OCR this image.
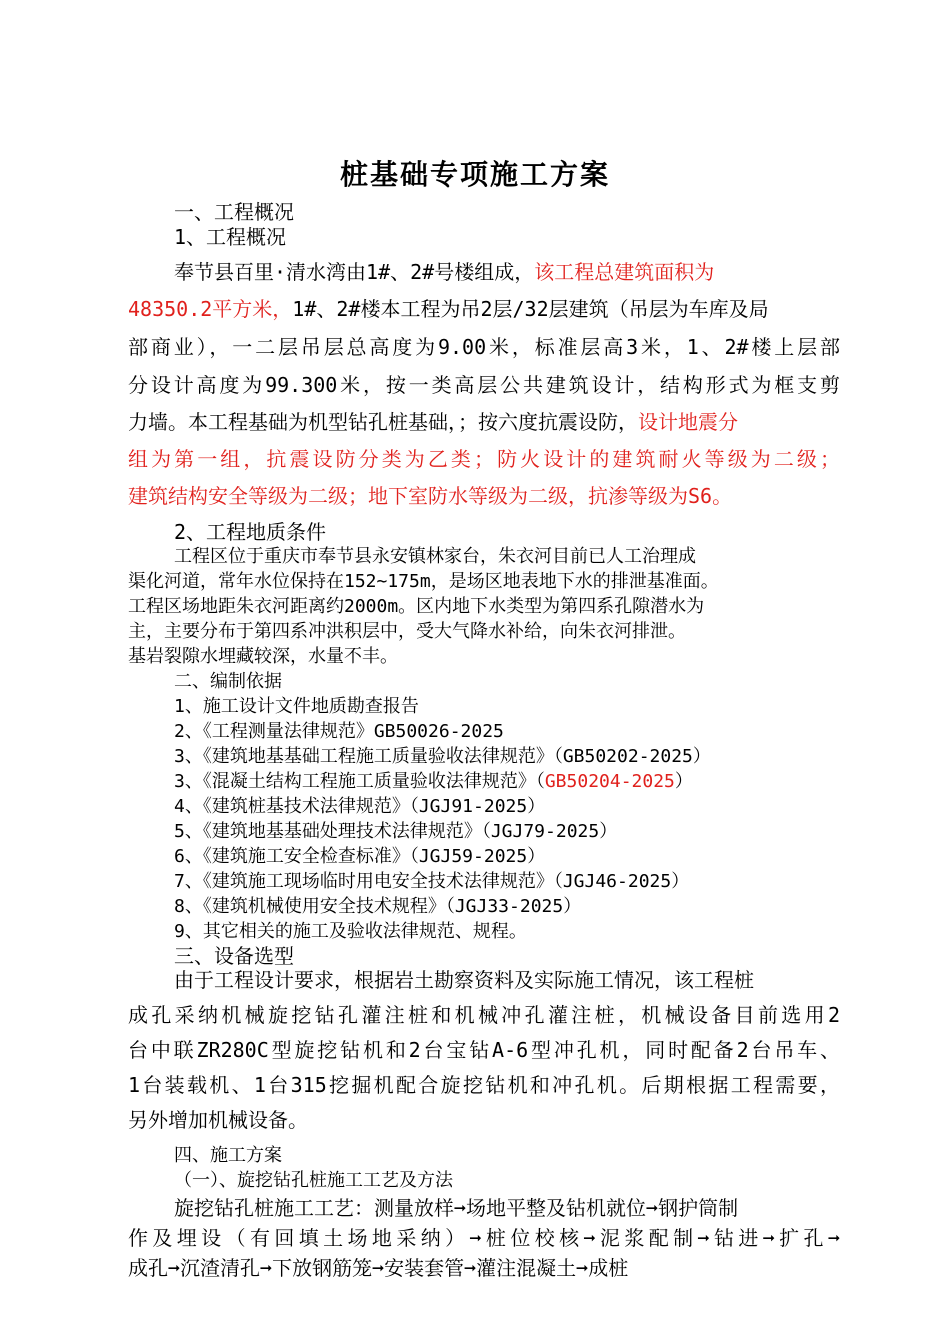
桩基础专项施工方案
一、工程概况
1、工程概况
奉节县百里·清水湾由1#、2#号楼组成，该工程总建筑面积为
48350.2平方米，1#、2#楼本工程为吊2层/32层建筑（吊层为车库及局
部商业），一二层吊层总高度为9.00米，标准层高3米，1、2#楼上层部
分设计高度为99.300米，按一类高层公共建筑设计，结构形式为框支剪
力墙。本工程基础为机型钻孔桩基础，；按六度抗震设防，设计地震分
组为第一组，抗震设防分类为乙类；防火设计的建筑耐火等级为二级；
建筑结构安全等级为二级；地下室防水等级为二级，抗渗等级为S6。
2、工程地质条件
工程区位于重庆市奉节县永安镇林家台，朱衣河目前已人工治理成
渠化河道，常年水位保持在152~175m，是场区地表地下水的排泄基准面。
工程区场地距朱衣河距离约2000m。区内地下水类型为第四系孔隙潜水为
主，主要分布于第四系冲洪积层中，受大气降水补给，向朱衣河排泄。
基岩裂隙水埋藏较深，水量不丰。
二、编制依据
1、施工设计文件地质勘查报告
2、《工程测量法律规范》GB50026-2025
3、《建筑地基基础工程施工质量验收法律规范》（GB50202-2025）
3、《混凝土结构工程施工质量验收法律规范》（GB50204-2025）
4、《建筑桩基技术法律规范》（JGJ91-2025）
5、《建筑地基基础处理技术法律规范》（JGJ79-2025）
6、《建筑施工安全检查标准》（JGJ59-2025）
7、《建筑施工现场临时用电安全技术法律规范》（JGJ46-2025）
8、《建筑机械使用安全技术规程》（JGJ33-2025）
9、其它相关的施工及验收法律规范、规程。
三、设备选型
由于工程设计要求，根据岩土勘察资料及实际施工情况，该工程桩
成孔采纳机械旋挖钻孔灌注桩和机械冲孔灌注桩，机械设备目前选用2
台中联ZR280C型旋挖钻机和2台宝钻A-6型冲孔机，同时配备2台吊车、
1台装载机、1台315挖掘机配合旋挖钻机和冲孔机。后期根据工程需要，
另外增加机械设备。
四、施工方案
（一）、旋挖钻孔桩施工工艺及方法
旋挖钻孔桩施工工艺：测量放样➞场地平整及钻机就位➞钢护筒制
作及埋设（有回填土场地采纳）➞桩位校核➞泥浆配制➞钻进➞扩孔➞
成孔➞沉渣清孔➞下放钢筋笼➞安装套管➞灌注混凝土➞成桩
